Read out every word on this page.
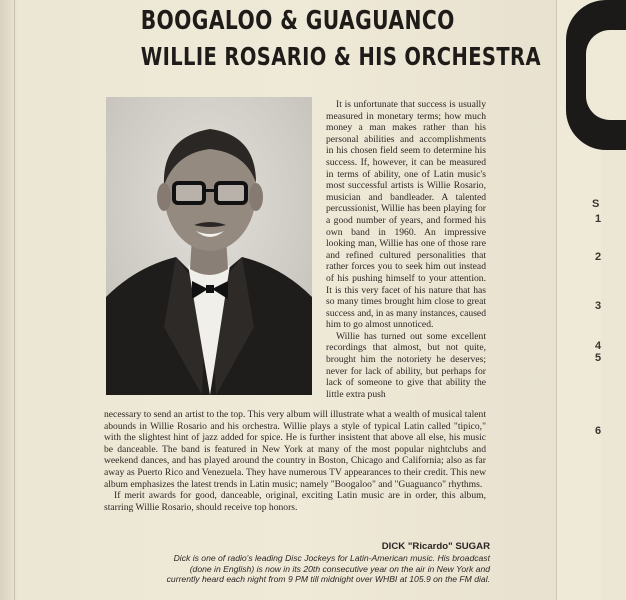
S
1
2
3
4
5
6
BOOGALOO & GUAGUANCO
WILLIE ROSARIO & HIS ORCHESTRA

It is unfortunate that success is usually measured in monetary terms; how much money a man makes rather than his personal abilities and accomplishments in his chosen field seem to determine his success. If, however, it can be measured in terms of ability, one of Latin music's most successful artists is Willie Rosario, musician and bandleader. A talented percussionist, Willie has been playing for a good number of years, and formed his own band in 1960. An impressive looking man, Willie has one of those rare and refined cultured personalities that rather forces you to seek him out instead of his pushing himself to your attention. It is this very facet of his nature that has so many times brought him close to great success and, in as many instances, caused him to go almost unnoticed.

Willie has turned out some excellent recordings that almost, but not quite, brought him the notoriety he deserves; never for lack of ability, but perhaps for lack of someone to give that ability the little extra push

necessary to send an artist to the top. This very album will illustrate what a wealth of musical talent abounds in Willie Rosario and his orchestra. Willie plays a style of typical Latin called "tipico," with the slightest hint of jazz added for spice. He is further insistent that above all else, his music be danceable. The band is featured in New York at many of the most popular nightclubs and weekend dances, and has played around the country in Boston, Chicago and California; also as far away as Puerto Rico and Venezuela. They have numerous TV appearances to their credit. This new album emphasizes the latest trends in Latin music; namely "Boogaloo" and "Guaguanco" rhythms.

If merit awards for good, danceable, original, exciting Latin music are in order, this album, starring Willie Rosario, should receive top honors.

DICK "Ricardo" SUGAR
Dick is one of radio's leading Disc Jockeys for Latin-American music. His broadcast (done in English) is now in its 20th consecutive year on the air in New York and currently heard each night from 9 PM till midnight over WHBI at 105.9 on the FM dial.
